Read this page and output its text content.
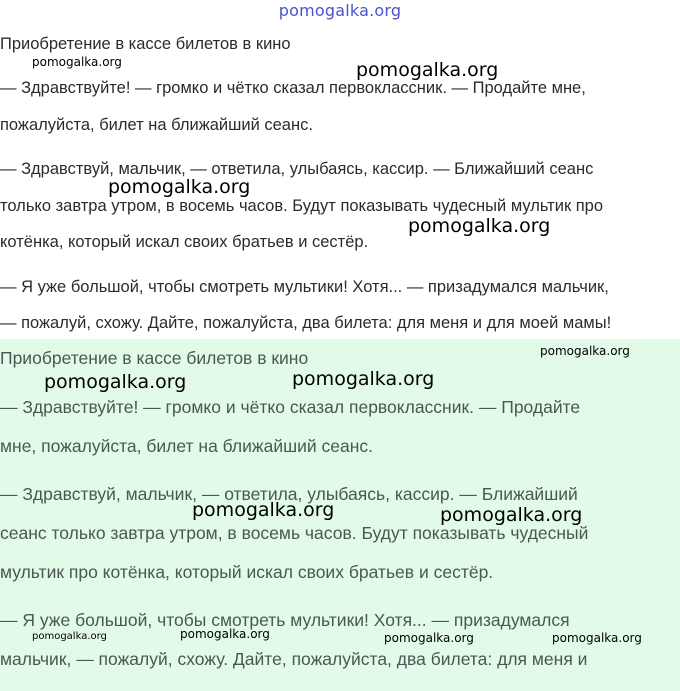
pomogalka.org
Приобретение в кассе билетов в кино
— Здравствуйте! — громко и чётко сказал первоклассник. — Продайте мне,
пожалуйста, билет на ближайший сеанс.
— Здравствуй, мальчик, — ответила, улыбаясь, кассир. — Ближайший сеанс
только завтра утром, в восемь часов. Будут показывать чудесный мультик про
котёнка, который искал своих братьев и сестёр.
— Я уже большой, чтобы смотреть мультики! Хотя... — призадумался мальчик,
— пожалуй, схожу. Дайте, пожалуйста, два билета: для меня и для моей мамы!
Приобретение в кассе билетов в кино
— Здравствуйте! — громко и чётко сказал первоклассник. — Продайте
мне, пожалуйста, билет на ближайший сеанс.
— Здравствуй, мальчик, — ответила, улыбаясь, кассир. — Ближайший
сеанс только завтра утром, в восемь часов. Будут показывать чудесный
мультик про котёнка, который искал своих братьев и сестёр.
— Я уже большой, чтобы смотреть мультики! Хотя... — призадумался
мальчик, — пожалуй, схожу. Дайте, пожалуйста, два билета: для меня и
pomogalka.org	pomogalka.org
pomogalka.org
pomogalka.org
pomogalka.org
pomogalka.org	pomogalka.org
pomogalka.org	pomogalka.org
pomogalka.org	pomogalka.org	pomogalka.org	pomogalka.org
